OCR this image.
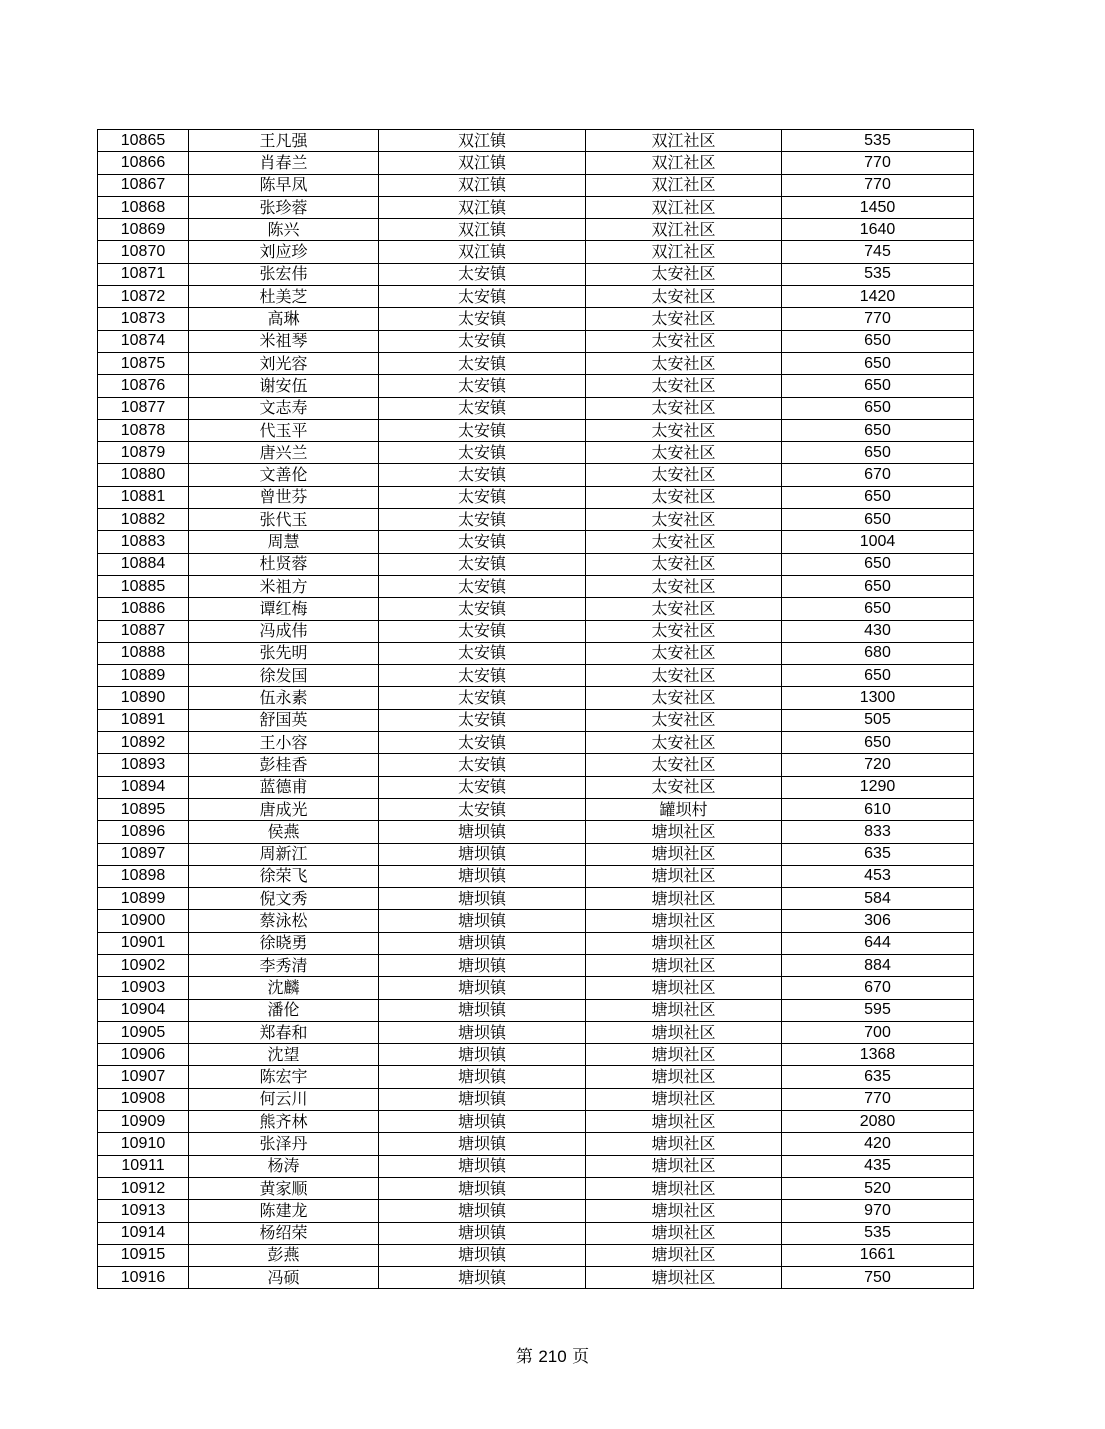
10865	王凡强	双江镇	双江社区	535
10866	肖春兰	双江镇	双江社区	770
10867	陈早凤	双江镇	双江社区	770
10868	张珍蓉	双江镇	双江社区	1450
10869	陈兴	双江镇	双江社区	1640
10870	刘应珍	双江镇	双江社区	745
10871	张宏伟	太安镇	太安社区	535
10872	杜美芝	太安镇	太安社区	1420
10873	高琳	太安镇	太安社区	770
10874	米祖琴	太安镇	太安社区	650
10875	刘光容	太安镇	太安社区	650
10876	谢安伍	太安镇	太安社区	650
10877	文志寿	太安镇	太安社区	650
10878	代玉平	太安镇	太安社区	650
10879	唐兴兰	太安镇	太安社区	650
10880	文善伦	太安镇	太安社区	670
10881	曾世芬	太安镇	太安社区	650
10882	张代玉	太安镇	太安社区	650
10883	周慧	太安镇	太安社区	1004
10884	杜贤蓉	太安镇	太安社区	650
10885	米祖方	太安镇	太安社区	650
10886	谭红梅	太安镇	太安社区	650
10887	冯成伟	太安镇	太安社区	430
10888	张先明	太安镇	太安社区	680
10889	徐发国	太安镇	太安社区	650
10890	伍永素	太安镇	太安社区	1300
10891	舒国英	太安镇	太安社区	505
10892	王小容	太安镇	太安社区	650
10893	彭桂香	太安镇	太安社区	720
10894	蓝德甫	太安镇	太安社区	1290
10895	唐成光	太安镇	罐坝村	610
10896	侯燕	塘坝镇	塘坝社区	833
10897	周新江	塘坝镇	塘坝社区	635
10898	徐荣飞	塘坝镇	塘坝社区	453
10899	倪文秀	塘坝镇	塘坝社区	584
10900	蔡泳松	塘坝镇	塘坝社区	306
10901	徐晓勇	塘坝镇	塘坝社区	644
10902	李秀清	塘坝镇	塘坝社区	884
10903	沈麟	塘坝镇	塘坝社区	670
10904	潘伦	塘坝镇	塘坝社区	595
10905	郑春和	塘坝镇	塘坝社区	700
10906	沈望	塘坝镇	塘坝社区	1368
10907	陈宏宇	塘坝镇	塘坝社区	635
10908	何云川	塘坝镇	塘坝社区	770
10909	熊齐林	塘坝镇	塘坝社区	2080
10910	张泽丹	塘坝镇	塘坝社区	420
10911	杨涛	塘坝镇	塘坝社区	435
10912	黄家顺	塘坝镇	塘坝社区	520
10913	陈建龙	塘坝镇	塘坝社区	970
10914	杨绍荣	塘坝镇	塘坝社区	535
10915	彭燕	塘坝镇	塘坝社区	1661
10916	冯硕	塘坝镇	塘坝社区	750
第 210 页
